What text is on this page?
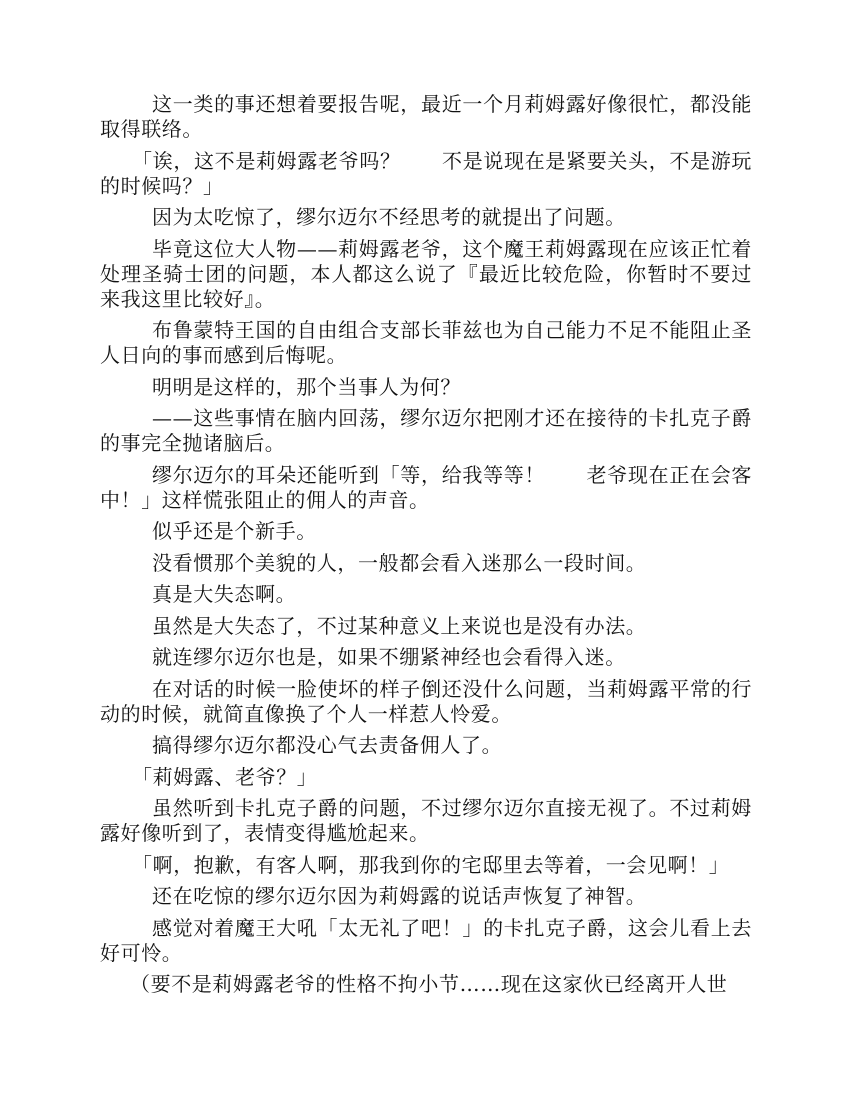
这一类的事还想着要报告呢，最近一个月莉姆露好像很忙，都没能取得联络。

「诶，这不是莉姆露老爷吗？　　不是说现在是紧要关头，不是游玩的时候吗？」

因为太吃惊了，缪尔迈尔不经思考的就提出了问题。

毕竟这位大人物——莉姆露老爷，这个魔王莉姆露现在应该正忙着处理圣骑士团的问题，本人都这么说了『最近比较危险，你暂时不要过来我这里比较好』。

布鲁蒙特王国的自由组合支部长菲兹也为自己能力不足不能阻止圣人日向的事而感到后悔呢。

明明是这样的，那个当事人为何？

——这些事情在脑内回荡，缪尔迈尔把刚才还在接待的卡扎克子爵的事完全抛诸脑后。

缪尔迈尔的耳朵还能听到「等，给我等等！　　老爷现在正在会客中！」这样慌张阻止的佣人的声音。

似乎还是个新手。

没看惯那个美貌的人，一般都会看入迷那么一段时间。

真是大失态啊。

虽然是大失态了，不过某种意义上来说也是没有办法。

就连缪尔迈尔也是，如果不绷紧神经也会看得入迷。

在对话的时候一脸使坏的样子倒还没什么问题，当莉姆露平常的行动的时候，就简直像换了个人一样惹人怜爱。

搞得缪尔迈尔都没心气去责备佣人了。

「莉姆露、老爷？」

虽然听到卡扎克子爵的问题，不过缪尔迈尔直接无视了。不过莉姆露好像听到了，表情变得尴尬起来。

「啊，抱歉，有客人啊，那我到你的宅邸里去等着，一会见啊！」

还在吃惊的缪尔迈尔因为莉姆露的说话声恢复了神智。

感觉对着魔王大吼「太无礼了吧！」的卡扎克子爵，这会儿看上去好可怜。

（要不是莉姆露老爷的性格不拘小节……现在这家伙已经离开人世
